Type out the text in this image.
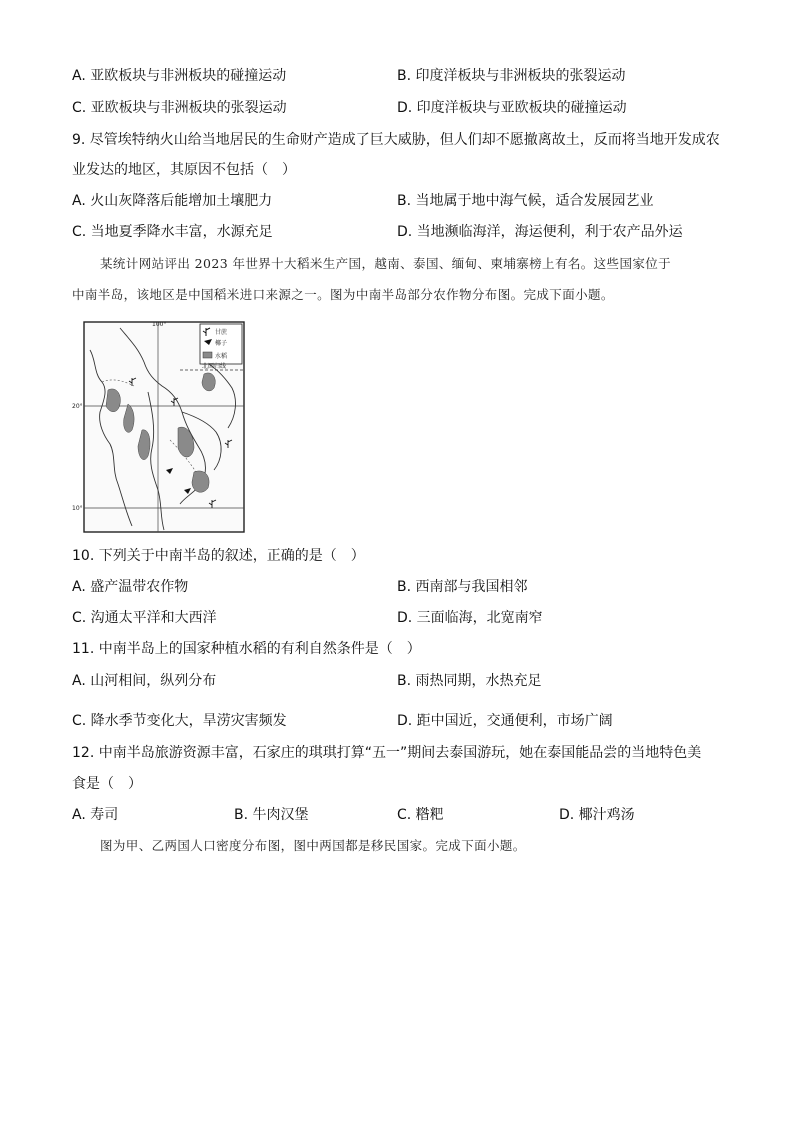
A. 亚欧板块与非洲板块的碰撞运动	B. 印度洋板块与非洲板块的张裂运动
C. 亚欧板块与非洲板块的张裂运动	D. 印度洋板块与亚欧板块的碰撞运动
9. 尽管埃特纳火山给当地居民的生命财产造成了巨大威胁，但人们却不愿撤离故土，反而将当地开发成农
业发达的地区，其原因不包括（　）
A. 火山灰降落后能增加土壤肥力	B. 当地属于地中海气候，适合发展园艺业
C. 当地夏季降水丰富，水源充足	D. 当地濒临海洋，海运便利，利于农产品外运
某统计网站评出 2023 年世界十大稻米生产国，越南、泰国、缅甸、柬埔寨榜上有名。这些国家位于
中南半岛，该地区是中国稻米进口来源之一。图为中南半岛部分农作物分布图。完成下面小题。
100°
20°
10°
北回归线
甘蔗
椰子
水稻
10. 下列关于中南半岛的叙述，正确的是（　）
A. 盛产温带农作物	B. 西南部与我国相邻
C. 沟通太平洋和大西洋	D. 三面临海，北宽南窄
11. 中南半岛上的国家种植水稻的有利自然条件是（　）
A. 山河相间，纵列分布	B. 雨热同期，水热充足
C. 降水季节变化大，旱涝灾害频发	D. 距中国近，交通便利，市场广阔
12. 中南半岛旅游资源丰富，石家庄的琪琪打算“五一”期间去泰国游玩，她在泰国能品尝的当地特色美
食是（　）
A. 寿司	B. 牛肉汉堡	C. 糌粑	D. 椰汁鸡汤
图为甲、乙两国人口密度分布图，图中两国都是移民国家。完成下面小题。
